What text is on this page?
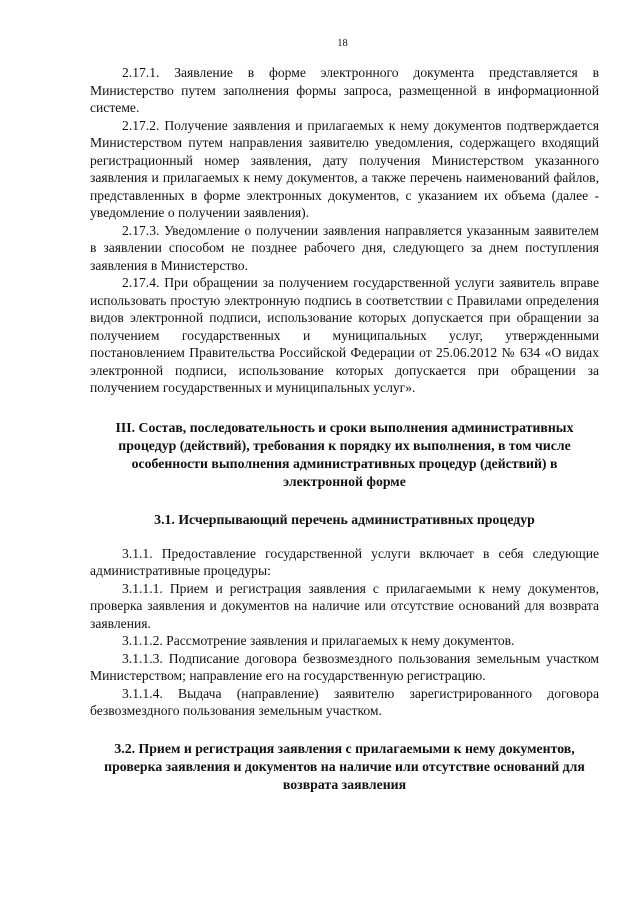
18

2.17.1. Заявление в форме электронного документа представляется в Министерство путем заполнения формы запроса, размещенной в информационной системе.

2.17.2. Получение заявления и прилагаемых к нему документов подтверждается Министерством путем направления заявителю уведомления, содержащего входящий регистрационный номер заявления, дату получения Министерством указанного заявления и прилагаемых к нему документов, а также перечень наименований файлов, представленных в форме электронных документов, с указанием их объема (далее - уведомление о получении заявления).

2.17.3. Уведомление о получении заявления направляется указанным заявителем в заявлении способом не позднее рабочего дня, следующего за днем поступления заявления в Министерство.

2.17.4. При обращении за получением государственной услуги заявитель вправе использовать простую электронную подпись в соответствии с Правилами определения видов электронной подписи, использование которых допускается при обращении за получением государственных и муниципальных услуг, утвержденными постановлением Правительства Российской Федерации от 25.06.2012 № 634 «О видах электронной подписи, использование которых допускается при обращении за получением государственных и муниципальных услуг».

III. Состав, последовательность и сроки выполнения административных процедур (действий), требования к порядку их выполнения, в том числе особенности выполнения административных процедур (действий) в электронной форме

3.1. Исчерпывающий перечень административных процедур

3.1.1. Предоставление государственной услуги включает в себя следующие административные процедуры:

3.1.1.1. Прием и регистрация заявления с прилагаемыми к нему документов, проверка заявления и документов на наличие или отсутствие оснований для возврата заявления.

3.1.1.2. Рассмотрение заявления и прилагаемых к нему документов.

3.1.1.3. Подписание договора безвозмездного пользования земельным участком Министерством; направление его на государственную регистрацию.

3.1.1.4. Выдача (направление) заявителю зарегистрированного договора безвозмездного пользования земельным участком.

3.2. Прием и регистрация заявления с прилагаемыми к нему документов, проверка заявления и документов на наличие или отсутствие оснований для возврата заявления
